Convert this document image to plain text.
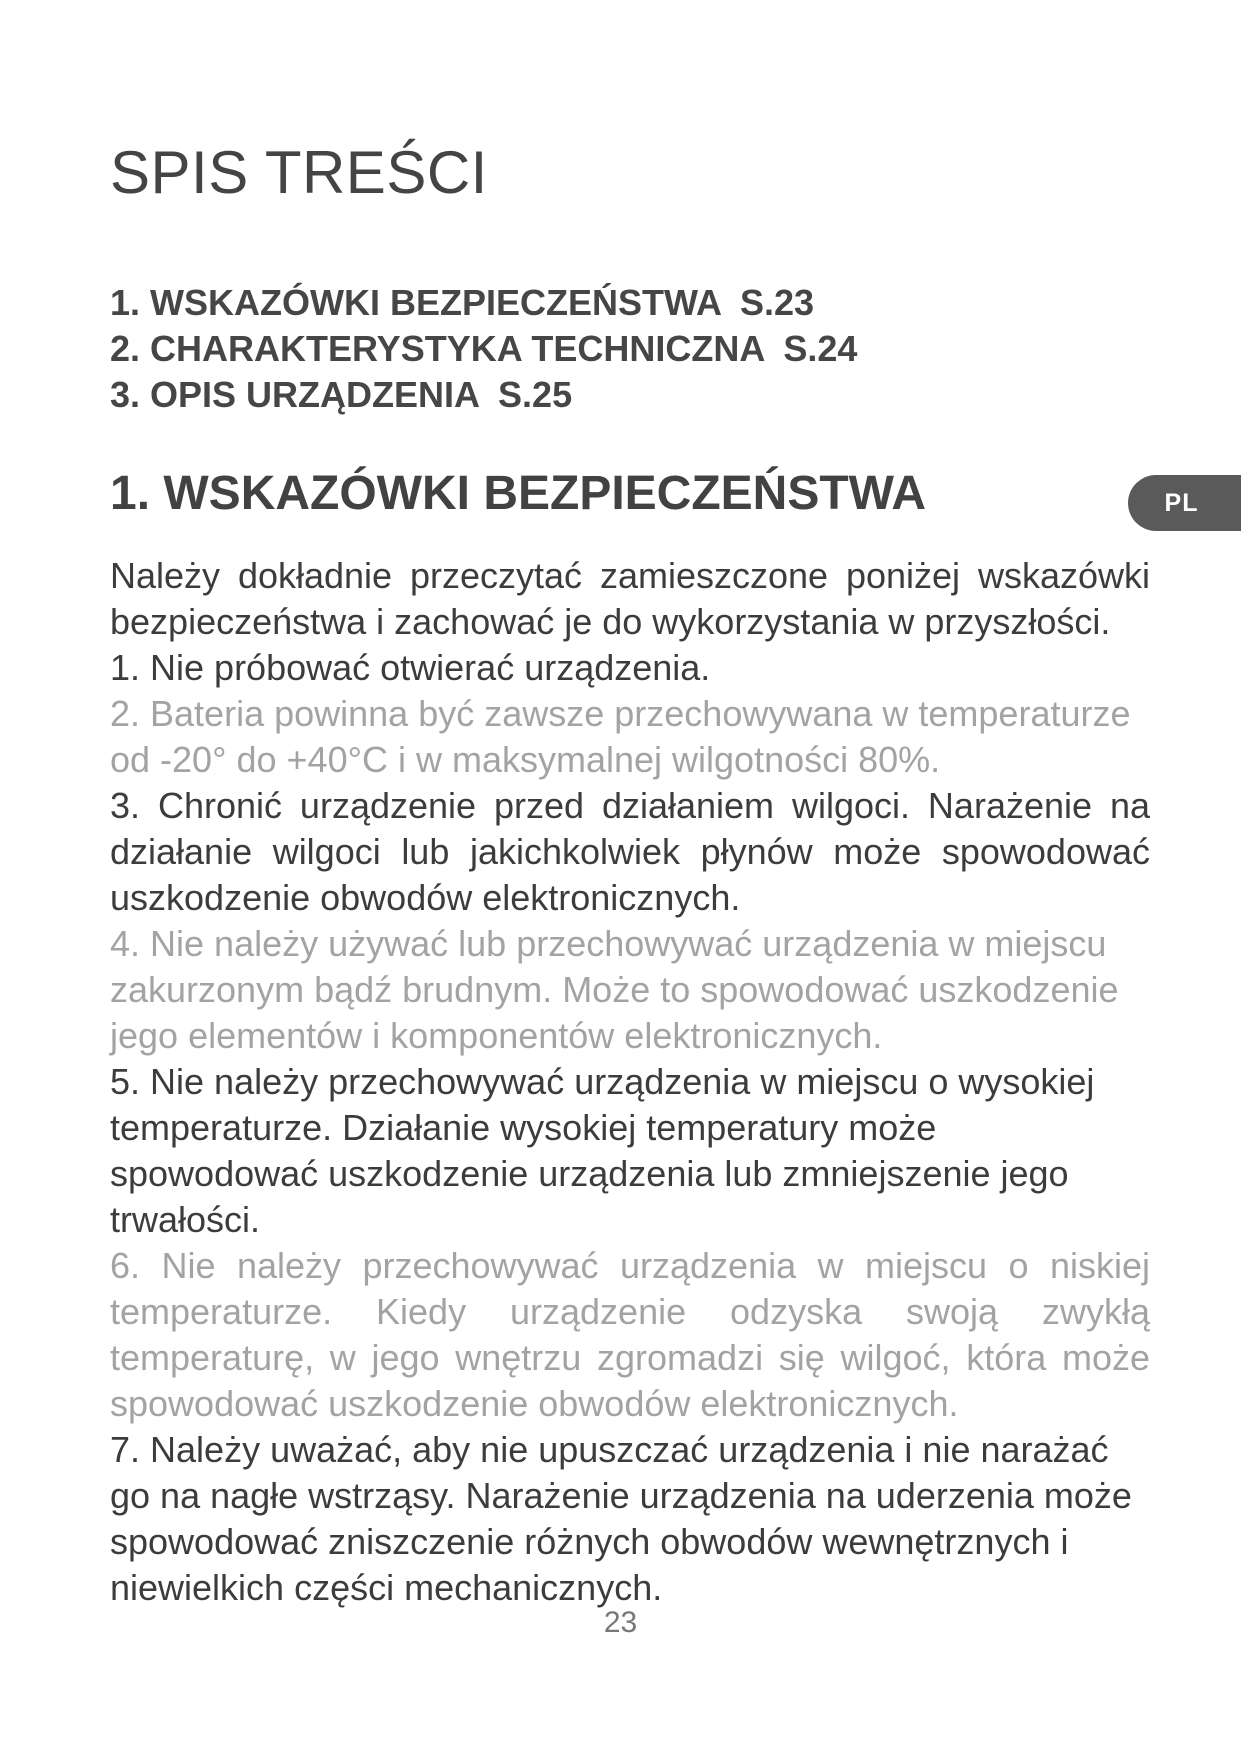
SPIS TREŚCI
1. WSKAZÓWKI BEZPIECZEŃSTWA S.23
2. CHARAKTERYSTYKA TECHNICZNA S.24
3. OPIS URZĄDZENIA S.25
1. WSKAZÓWKI BEZPIECZEŃSTWA	PL

Należy dokładnie przeczytać zamieszczone poniżej wskazówki bezpieczeństwa i zachować je do wykorzystania w przyszłości.

1. Nie próbować otwierać urządzenia.

2. Bateria powinna być zawsze przechowywana w temperaturze od -20° do +40°C i w maksymalnej wilgotności 80%.

3. Chronić urządzenie przed działaniem wilgoci. Narażenie na działanie wilgoci lub jakichkolwiek płynów może spowodować uszkodzenie obwodów elektronicznych.

4. Nie należy używać lub przechowywać urządzenia w miejscu zakurzonym bądź brudnym. Może to spowodować uszkodzenie jego elementów i komponentów elektronicznych.

5. Nie należy przechowywać urządzenia w miejscu o wysokiej temperaturze. Działanie wysokiej temperatury może spowodować uszkodzenie urządzenia lub zmniejszenie jego trwałości.

6. Nie należy przechowywać urządzenia w miejscu o niskiej temperaturze. Kiedy urządzenie odzyska swoją zwykłą temperaturę, w jego wnętrzu zgromadzi się wilgoć, która może spowodować uszkodzenie obwodów elektronicznych.

7. Należy uważać, aby nie upuszczać urządzenia i nie narażać go na nagłe wstrząsy. Narażenie urządzenia na uderzenia może spowodować zniszczenie różnych obwodów wewnętrznych i niewielkich części mechanicznych.

23
